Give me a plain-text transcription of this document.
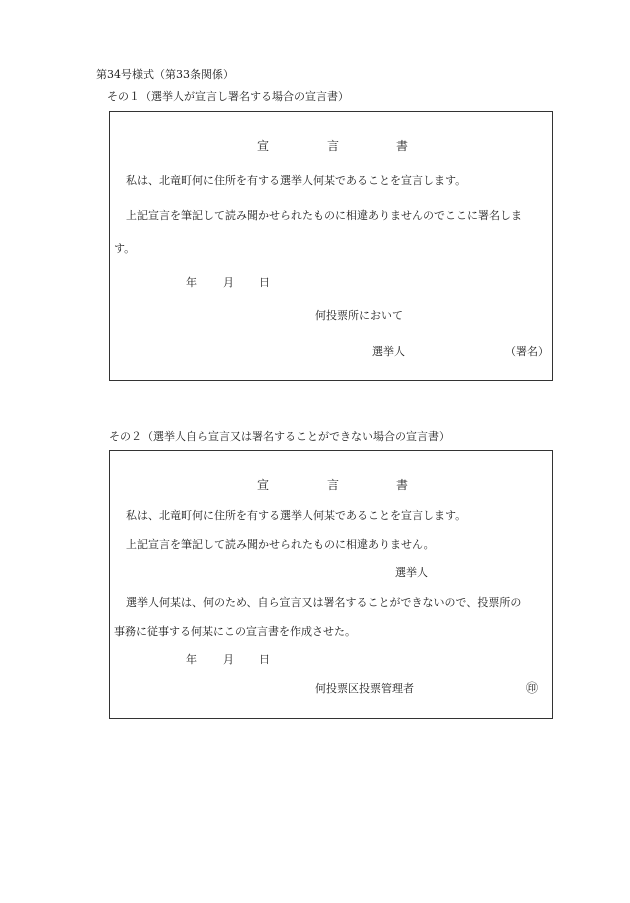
第34号様式（第33条関係）
その１（選挙人が宣言し署名する場合の宣言書）
宣	言	書
私は、北竜町何に住所を有する選挙人何某であることを宣言します。
上記宣言を筆記して読み聞かせられたものに相違ありませんのでここに署名しま
す。
年 月 日
何投票所において
選挙人	（署名）
その２（選挙人自ら宣言又は署名することができない場合の宣言書）
宣	言	書
私は、北竜町何に住所を有する選挙人何某であることを宣言します。
上記宣言を筆記して読み聞かせられたものに相違ありません。
選挙人
選挙人何某は、何のため、自ら宣言又は署名することができないので、投票所の
事務に従事する何某にこの宣言書を作成させた。
年 月 日
何投票区投票管理者	㊞
